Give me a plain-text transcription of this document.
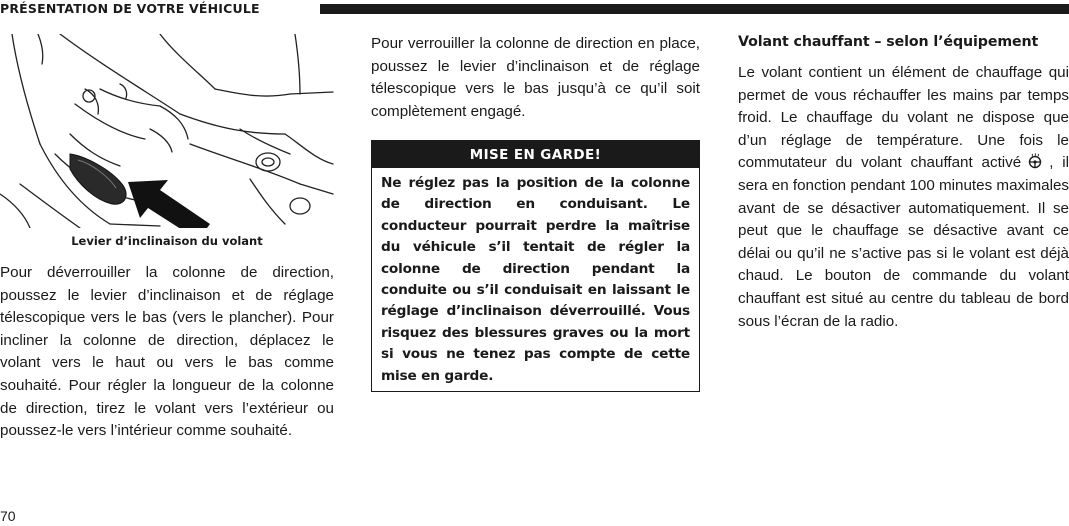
PRÉSENTATION DE VOTRE VÉHICULE
Levier d’inclinaison du volant
Pour déverrouiller la colonne de direction, poussez le levier d’inclinaison et de réglage télescopique vers le bas (vers le plancher). Pour incliner la colonne de direction, déplacez le volant vers le haut ou vers le bas comme souhaité. Pour régler la longueur de la colonne de direction, tirez le volant vers l’extérieur ou poussez-le vers l’intérieur comme souhaité.
Pour verrouiller la colonne de direction en place, poussez le levier d’inclinaison et de réglage télescopique vers le bas jusqu’à ce qu’il soit complètement engagé.
MISE EN GARDE!
Ne réglez pas la position de la colonne de direction en conduisant. Le conducteur pourrait perdre la maîtrise du véhicule s’il tentait de régler la colonne de direction pendant la conduite ou s’il conduisait en laissant le réglage d’inclinaison déverrouillé. Vous risquez des blessures graves ou la mort si vous ne tenez pas compte de cette mise en garde.
Volant chauffant – selon l’équipement
Le volant contient un élément de chauffage qui permet de vous réchauffer les mains par temps froid. Le chauffage du volant ne dispose que d’un réglage de température. Une fois le commutateur du volant chauffant activé , il sera en fonction pendant 100 minutes maximales avant de se désactiver automatiquement. Il se peut que le chauffage se désactive avant ce délai ou qu’il ne s’active pas si le volant est déjà chaud. Le bouton de commande du volant chauffant est situé au centre du tableau de bord sous l’écran de la radio.
70
